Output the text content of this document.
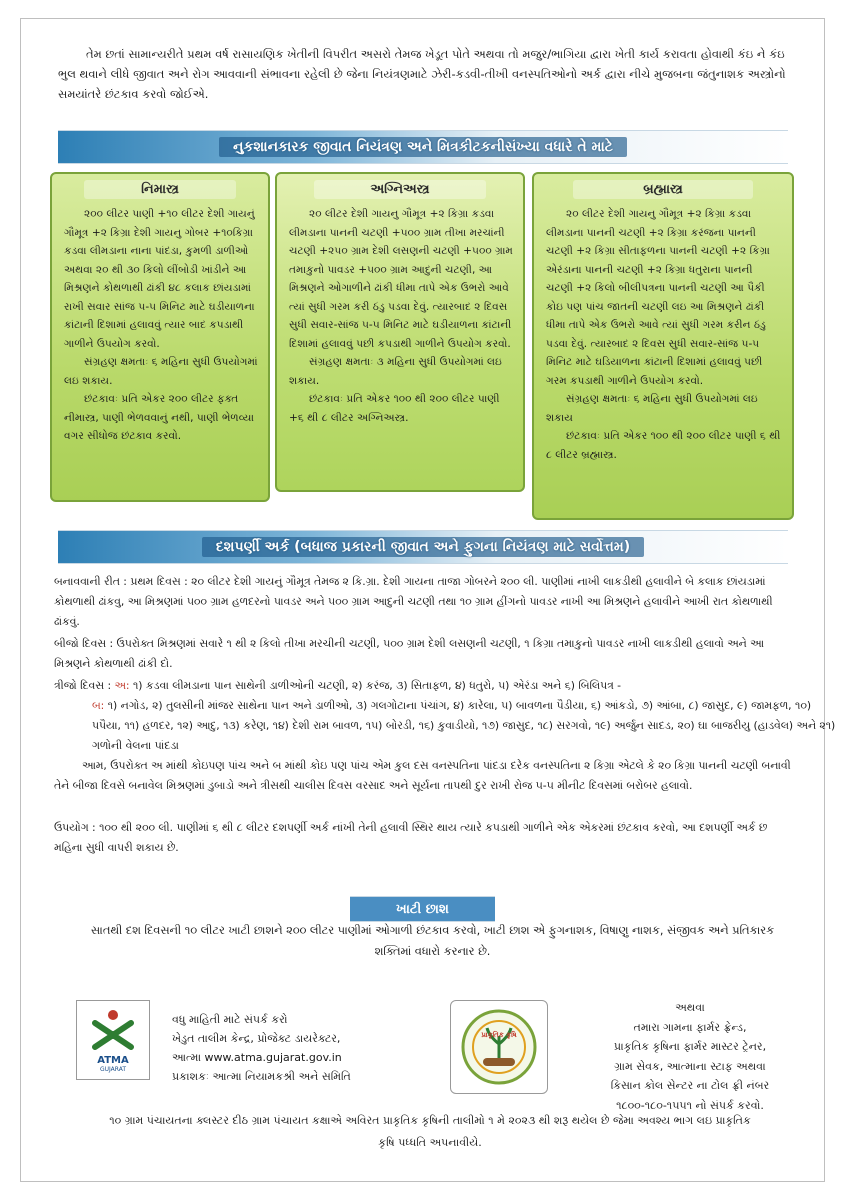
તેમ છતાં સામાન્યરીતે પ્રથમ વર્ષ રાસાયણિક ખેતીની વિપરીત અસરો તેમજ ખેડૂત પોતે અથવા તો મજુર/ભાગિયા દ્વારા ખેતી કાર્ય કરાવતા હોવાથી કંઇ ને કંઇ ભુલ થવાને લીધે જીવાત અને રોગ આવવાની સંભાવના રહેલી છે જેના નિયંત્રણમાટે ઝેરી-કડવી-તીખી વનસ્પતિઓનો અર્ક દ્વારા નીચે મુજબના જંતુનાશક અસ્ત્રોનો સમયાંતરે છંટકાવ કરવો જોઈએ.

નુકશાનકારક જીવાત નિયંત્રણ અને મિત્રકીટકનીસંખ્યા વધારે તે માટે
નિમાસ્ત્ર

૨૦૦ લીટર પાણી +૧૦ લીટર દેશી ગાયનું ગૌમૂત્ર +૨ કિગ્રા દેશી ગાયનુ ગોબર +૧૦કિગ્રા કડવા લીમડાના નાના પાંદડા, કુમળી ડાળીઓ અથવા ૨૦ થી ૩૦ કિલો લીંબોડી ખાંડીને આ મિશ્રણને કોથળાથી ઢાંકી ૪૮ કલાક છાંયડામાં રાખી સવાર સાંજ ૫-૫ મિનિટ માટે ઘડીયાળના કાંટાની દિશામાં હલાવવું ત્યાર બાદ કપડાથી ગાળીને ઉપયોગ કરવો.

સંગ્રહણ ક્ષમતાઃ ૬ મહિના સુધી ઉપયોગમાં લઇ શકાય.

છંટકાવઃ પ્રતિ એકર ૨૦૦ લીટર ફક્ત નીમાસ્ત્ર, પાણી ભેળવવાનું નથી, પાણી ભેળવ્યા વગર સીધોજ છંટકાવ કરવો.

અગ્નિઅસ્ત્ર

૨૦ લીટર દેશી ગાયનુ ગૌમૂત્ર +૨ કિગ્રા કડવા લીમડાના પાનની ચટણી +૫૦૦ ગ્રામ તીખા મરચાંની ચટણી +૨૫૦ ગ્રામ દેશી લસણની ચટણી +૫૦૦ ગ્રામ તમાકુનો પાવડર +૫૦૦ ગ્રામ આદુની ચટણી, આ મિશ્રણને ઓગાળીને ઢાંકી ધીમા તાપે એક ઉભરો આવે ત્યાં સુધી ગરમ કરી ઠંડુ પડવા દેવું. ત્યારબાદ ૨ દિવસ સુધી સવાર-સાંજ ૫-૫ મિનિટ માટે ઘડીયાળના કાંટાની દિશામાં હલાવવું પછી કપડાથી ગાળીને ઉપયોગ કરવો.

સંગ્રહણ ક્ષમતાઃ ૩ મહિના સુધી ઉપયોગમાં લઇ શકાય.

છંટકાવઃ પ્રતિ એકર ૧૦૦ થી ૨૦૦ લીટર પાણી +૬ થી ૮ લીટર અગ્નિઅસ્ત્ર.

બ્રહ્માસ્ત્ર

૨૦ લીટર દેશી ગાયનુ ગૌમૂત્ર +૨ કિગ્રા કડવા લીમડાના પાનની ચટણી +૨ કિગ્રા કરંજના પાનની ચટણી +૨ કિગ્રા સીતાફળના પાનની ચટણી +૨ કિગ્રા એરંડાના પાનની ચટણી +૨ કિગ્રા ધતુરાના પાનની ચટણી +૨ કિલો બીલીપત્રના પાનની ચટણી આ પૈકી કોઇ પણ પાંચ જાતની ચટણી લઇ આ મિશ્રણને ઢાંકી ધીમા તાપે એક ઉભરો આવે ત્યાં સુધી ગરમ કરીન ઠંડુ પડવા દેવું. ત્યારબાદ ૨ દિવસ સુધી સવાર-સાંજ ૫-૫ મિનિટ માટે ઘડિયાળના કાંટાની દિશામાં હલાવવું પછી ગરમ કપડાથી ગાળીને ઉપયોગ કરવો.

સંગ્રહણ ક્ષમતાઃ ૬ મહિના સુધી ઉપયોગમાં લઇ શકાય

છંટકાવઃ પ્રતિ એકર ૧૦૦ થી ૨૦૦ લીટર પાણી ૬ થી ૮ લીટર બ્રહ્માસ્ત્ર.

દશપર્ણી અર્ક (બધાજ પ્રકારની જીવાત અને ફુગના નિયંત્રણ માટે સર્વોત્તમ)
બનાવવાની રીત : પ્રથમ દિવસ : ૨૦ લીટર દેશી ગાયનું ગૌમૂત્ર તેમજ ૨ કિ.ગ્રા. દેશી ગાયના તાજા ગોબરને ૨૦૦ લી. પાણીમાં નાખી લાકડીથી હલાવીને બે કલાક છાંયડામાં કોથળાથી ઢાંકવુ, આ મિશ્રણમાં ૫૦૦ ગ્રામ હળદરનો પાવડર અને ૫૦૦ ગ્રામ આદુની ચટણી તથા ૧૦ ગ્રામ હીંગનો પાવડર નાખી આ મિશ્રણને હલાવીને આખી રાત કોથળાથી ઢાંકવું.
બીજો દિવસ : ઉપરોક્ત મિશ્રણમાં સવારે ૧ થી ૨ કિલો તીખા મરચીની ચટણી, ૫૦૦ ગ્રામ દેશી લસણની ચટણી, ૧ કિગ્રા તમાકુનો પાવડર નાખી લાકડીથી હલાવો અને આ મિશ્રણને કોથળાથી ઢાંકી દો.
ત્રીજો દિવસ : અ: ૧) કડવા લીમડાના પાન સાથેની ડાળીઓની ચટણી, ૨) કરંજ, ૩) સિતાફળ, ૪) ધતુરો, ૫) એરંડા અને ૬) બિલિપત્ર -
બ: ૧) નગોડ, ૨) તુલસીની માંજર સાથેના પાન અને ડાળીઓ, ૩) ગલગોટાના પંચાંગ, ૪) કારેલા, ૫) બાવળના પૈડીયા, ૬) આંકડો, ૭) આંબા, ૮) જાસુદ, ૯) જામફળ, ૧૦) પપૈયા, ૧૧) હળદર, ૧૨) આદુ, ૧૩) કરેણ, ૧૪) દેશી રામ બાવળ, ૧૫) બોરડી, ૧૬) કુવાડીયો, ૧૭) જાસુદ, ૧૮) સરગવો, ૧૯) અર્જુન સાદડ, ૨૦) ઘા બાજરીયુ (હાડવેલ) અને ૨૧) ગળોની વેલના પાંદડા
આમ, ઉપરોક્ત અ માંથી કોઇપણ પાંચ અને બ માંથી કોઇ પણ પાંચ એમ કુલ દસ વનસ્પતિના પાંદડા દરેક વનસ્પતિના ૨ કિગ્રા એટલે કે ૨૦ કિગ્રા પાનની ચટણી બનાવી તેને બીજા દિવસે બનાવેલ મિશ્રણમાં ડુબાડો અને ત્રીસથી ચાલીસ દિવસ વરસાદ અને સૂર્યના તાપથી દુર રાખી રોજ ૫-૫ મીનીટ દિવસમાં બરોબર હલાવો.
ઉપયોગ : ૧૦૦ થી ૨૦૦ લી. પાણીમાં ૬ થી ૮ લીટર દશપર્ણી અર્ક નાંખી તેની હલાવી સ્થિર થાય ત્યારે કપડાથી ગાળીને એક એકરમાં છંટકાવ કરવો, આ દશપર્ણી અર્ક છ મહિના સુધી વાપરી શકાય છે.
ખાટી છાશ
સાતથી દશ દિવસની ૧૦ લીટર ખાટી છાશને ૨૦૦ લીટર પાણીમાં ઓગાળી છંટકાવ કરવો, ખાટી છાશ એ ફુગનાશક, વિષાણુ નાશક, સંજીવક અને પ્રતિકારક શક્તિમાં વધારો કરનાર છે.
ATMA
GUJARAT
વધુ માહિતી માટે સંપર્ક કરો
ખેડુત તાલીમ કેન્દ્ર, પ્રોજેક્ટ ડાયરેક્ટર,
આત્મા www.atma.gujarat.gov.in
પ્રકાશકઃ આત્મા નિયામકશ્રી અને સમિતિ
પ્રાકૃતિક કૃષિ
અથવા
તમારા ગામના ફાર્મર ફ્રેન્ડ,
પ્રાકૃતિક કૃષિના ફાર્મર માસ્ટર ટ્રેનર,
ગ્રામ સેવક, આત્માના સ્ટાફ અથવા
કિસાન કોલ સેન્ટર ના ટોલ ફ્રી નંબર
૧૮૦૦-૧૮૦-૧૫૫૧ નો સંપર્ક કરવો.
૧૦ ગ્રામ પંચાયતના ક્લસ્ટર દીઠ ગ્રામ પંચાયત કક્ષાએ અવિરત પ્રાકૃતિક કૃષિની તાલીમો ૧ મે ૨૦૨૩ થી શરૂ થયેલ છે જેમા અવશ્ય ભાગ લઇ પ્રાકૃતિક કૃષિ પધ્ધતિ અપનાવીયે.
